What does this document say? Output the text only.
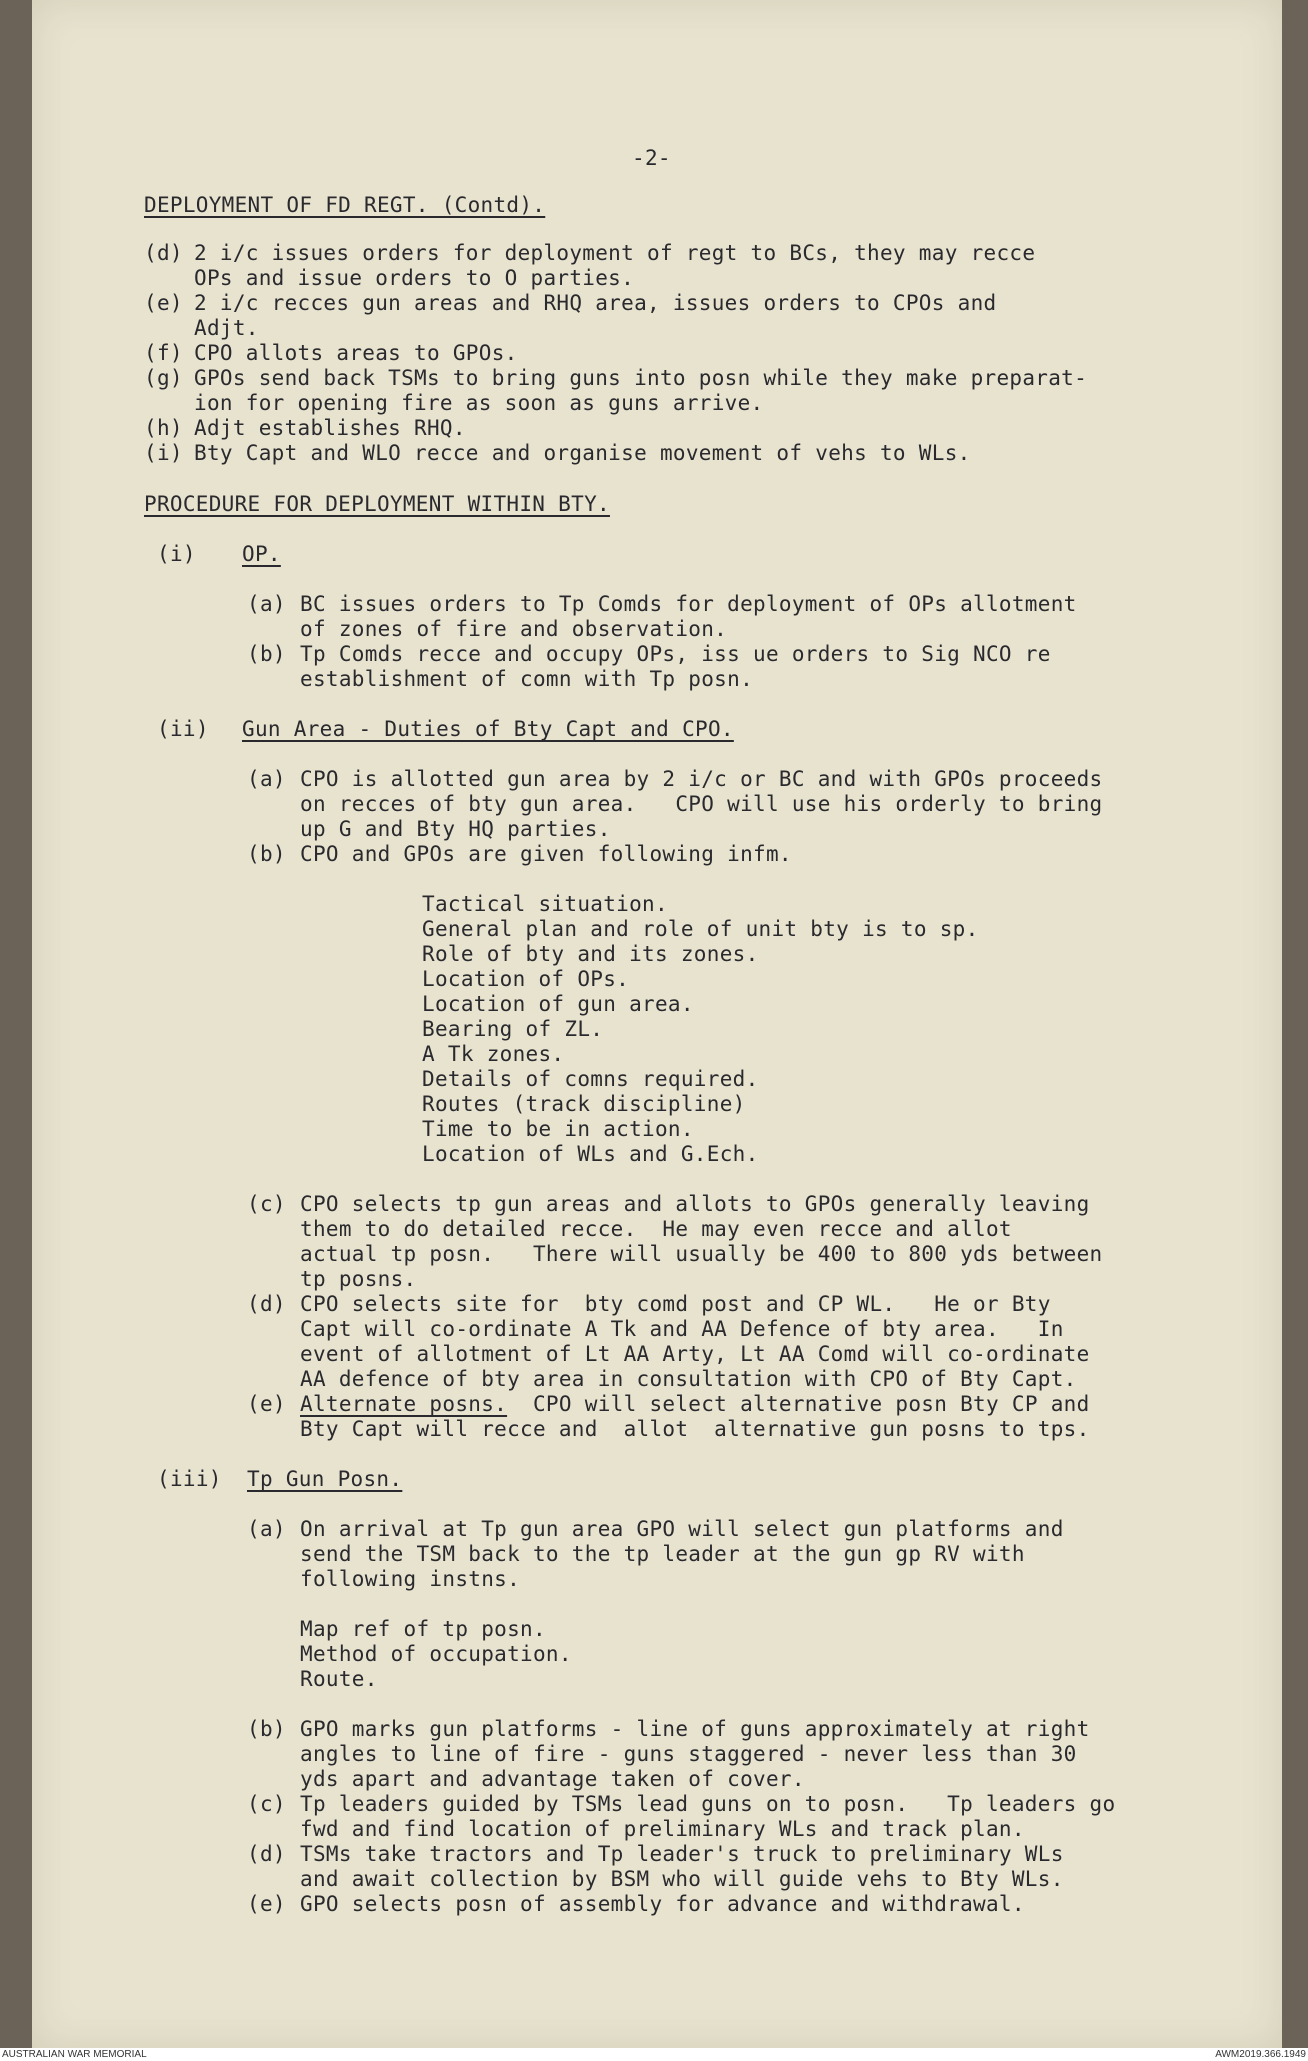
-2-
DEPLOYMENT OF FD REGT. (Contd).
(d) 2 i/c issues orders for deployment of regt to BCs, they may recce
OPs and issue orders to O parties.
(e) 2 i/c recces gun areas and RHQ area, issues orders to CPOs and
Adjt.
(f) CPO allots areas to GPOs.
(g) GPOs send back TSMs to bring guns into posn while they make preparat-
ion for opening fire as soon as guns arrive.
(h) Adjt establishes RHQ.
(i) Bty Capt and WLO recce and organise movement of vehs to WLs.
PROCEDURE FOR DEPLOYMENT WITHIN BTY.
(i) OP.
(a) BC issues orders to Tp Comds for deployment of OPs allotment
of zones of fire and observation.
(b) Tp Comds recce and occupy OPs, iss ue orders to Sig NCO re
establishment of comn with Tp posn.
(ii) Gun Area - Duties of Bty Capt and CPO.
(a) CPO is allotted gun area by 2 i/c or BC and with GPOs proceeds
on recces of bty gun area.   CPO will use his orderly to bring
up G and Bty HQ parties.
(b) CPO and GPOs are given following infm.
Tactical situation.
General plan and role of unit bty is to sp.
Role of bty and its zones.
Location of OPs.
Location of gun area.
Bearing of ZL.
A Tk zones.
Details of comns required.
Routes (track discipline)
Time to be in action.
Location of WLs and G.Ech.
(c) CPO selects tp gun areas and allots to GPOs generally leaving
them to do detailed recce.  He may even recce and allot
actual tp posn.   There will usually be 400 to 800 yds between
tp posns.
(d) CPO selects site for  bty comd post and CP WL.   He or Bty
Capt will co-ordinate A Tk and AA Defence of bty area.   In
event of allotment of Lt AA Arty, Lt AA Comd will co-ordinate
AA defence of bty area in consultation with CPO of Bty Capt.
(e) Alternate posns.  CPO will select alternative posn Bty CP and
Bty Capt will recce and  allot  alternative gun posns to tps.
(iii) Tp Gun Posn.
(a) On arrival at Tp gun area GPO will select gun platforms and
send the TSM back to the tp leader at the gun gp RV with
following instns.
Map ref of tp posn.
Method of occupation.
Route.
(b) GPO marks gun platforms - line of guns approximately at right
angles to line of fire - guns staggered - never less than 30
yds apart and advantage taken of cover.
(c) Tp leaders guided by TSMs lead guns on to posn.   Tp leaders go
fwd and find location of preliminary WLs and track plan.
(d) TSMs take tractors and Tp leader's truck to preliminary WLs
and await collection by BSM who will guide vehs to Bty WLs.
(e) GPO selects posn of assembly for advance and withdrawal.
AUSTRALIAN WAR MEMORIAL	AWM2019.366.1949
